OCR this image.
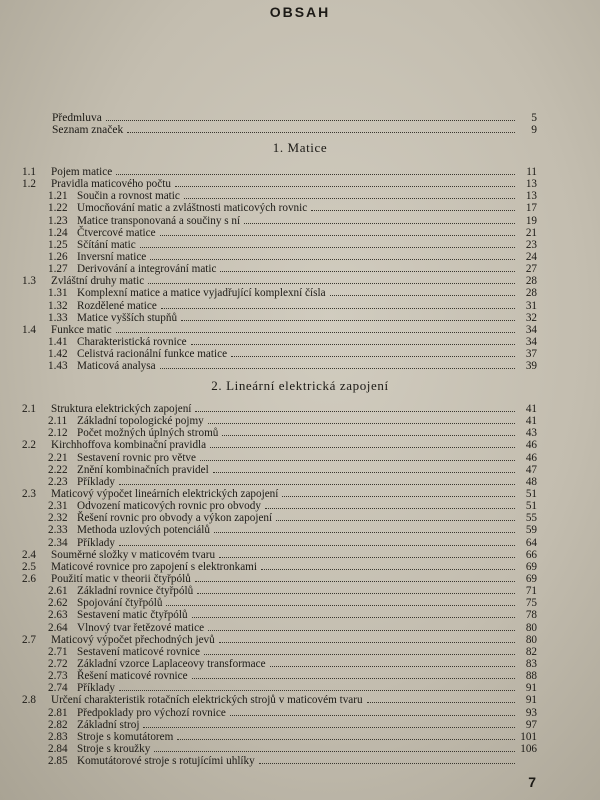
OBSAH
Předmluva	5
Seznam značek	9
1. Matice
1.1	Pojem matice	11
1.2	Pravidla maticového počtu	13
1.21 Součin a rovnost matic	13
1.22 Umocňování matic a zvláštnosti maticových rovnic	17
1.23 Matice transponovaná a součiny s ní	19
1.24 Čtvercové matice	21
1.25 Sčítání matic	23
1.26 Inversní matice	24
1.27 Derivování a integrování matic	27
1.3	Zvláštní druhy matic	28
1.31 Komplexní matice a matice vyjadřující komplexní čísla	28
1.32 Rozdělené matice	31
1.33 Matice vyšších stupňů	32
1.4	Funkce matic	34
1.41 Charakteristická rovnice	34
1.42 Celistvá racionální funkce matice	37
1.43 Maticová analysa	39
2. Lineární elektrická zapojení
2.1	Struktura elektrických zapojení	41
2.11 Základní topologické pojmy	41
2.12 Počet možných úplných stromů	43
2.2	Kirchhoffova kombinační pravidla	46
2.21 Sestavení rovnic pro větve	46
2.22 Znění kombinačních pravidel	47
2.23 Příklady	48
2.3	Maticový výpočet lineárních elektrických zapojení	51
2.31 Odvození maticových rovnic pro obvody	51
2.32 Řešení rovnic pro obvody a výkon zapojení	55
2.33 Methoda uzlových potenciálů	59
2.34 Příklady	64
2.4	Souměrné složky v maticovém tvaru	66
2.5	Maticové rovnice pro zapojení s elektronkami	69
2.6	Použití matic v theorii čtyřpólů	69
2.61 Základní rovnice čtyřpólů	71
2.62 Spojování čtyřpólů	75
2.63 Sestavení matic čtyřpólů	78
2.64 Vlnový tvar řetězové matice	80
2.7	Maticový výpočet přechodných jevů	80
2.71 Sestavení maticové rovnice	82
2.72 Základní vzorce Laplaceovy transformace	83
2.73 Řešení maticové rovnice	88
2.74 Příklady	91
2.8	Určení charakteristik rotačních elektrických strojů v maticovém tvaru	91
2.81 Předpoklady pro výchozí rovnice	93
2.82 Základní stroj	97
2.83 Stroje s komutátorem	101
2.84 Stroje s kroužky	106
2.85 Komutátorové stroje s rotujícími uhlíky
7
